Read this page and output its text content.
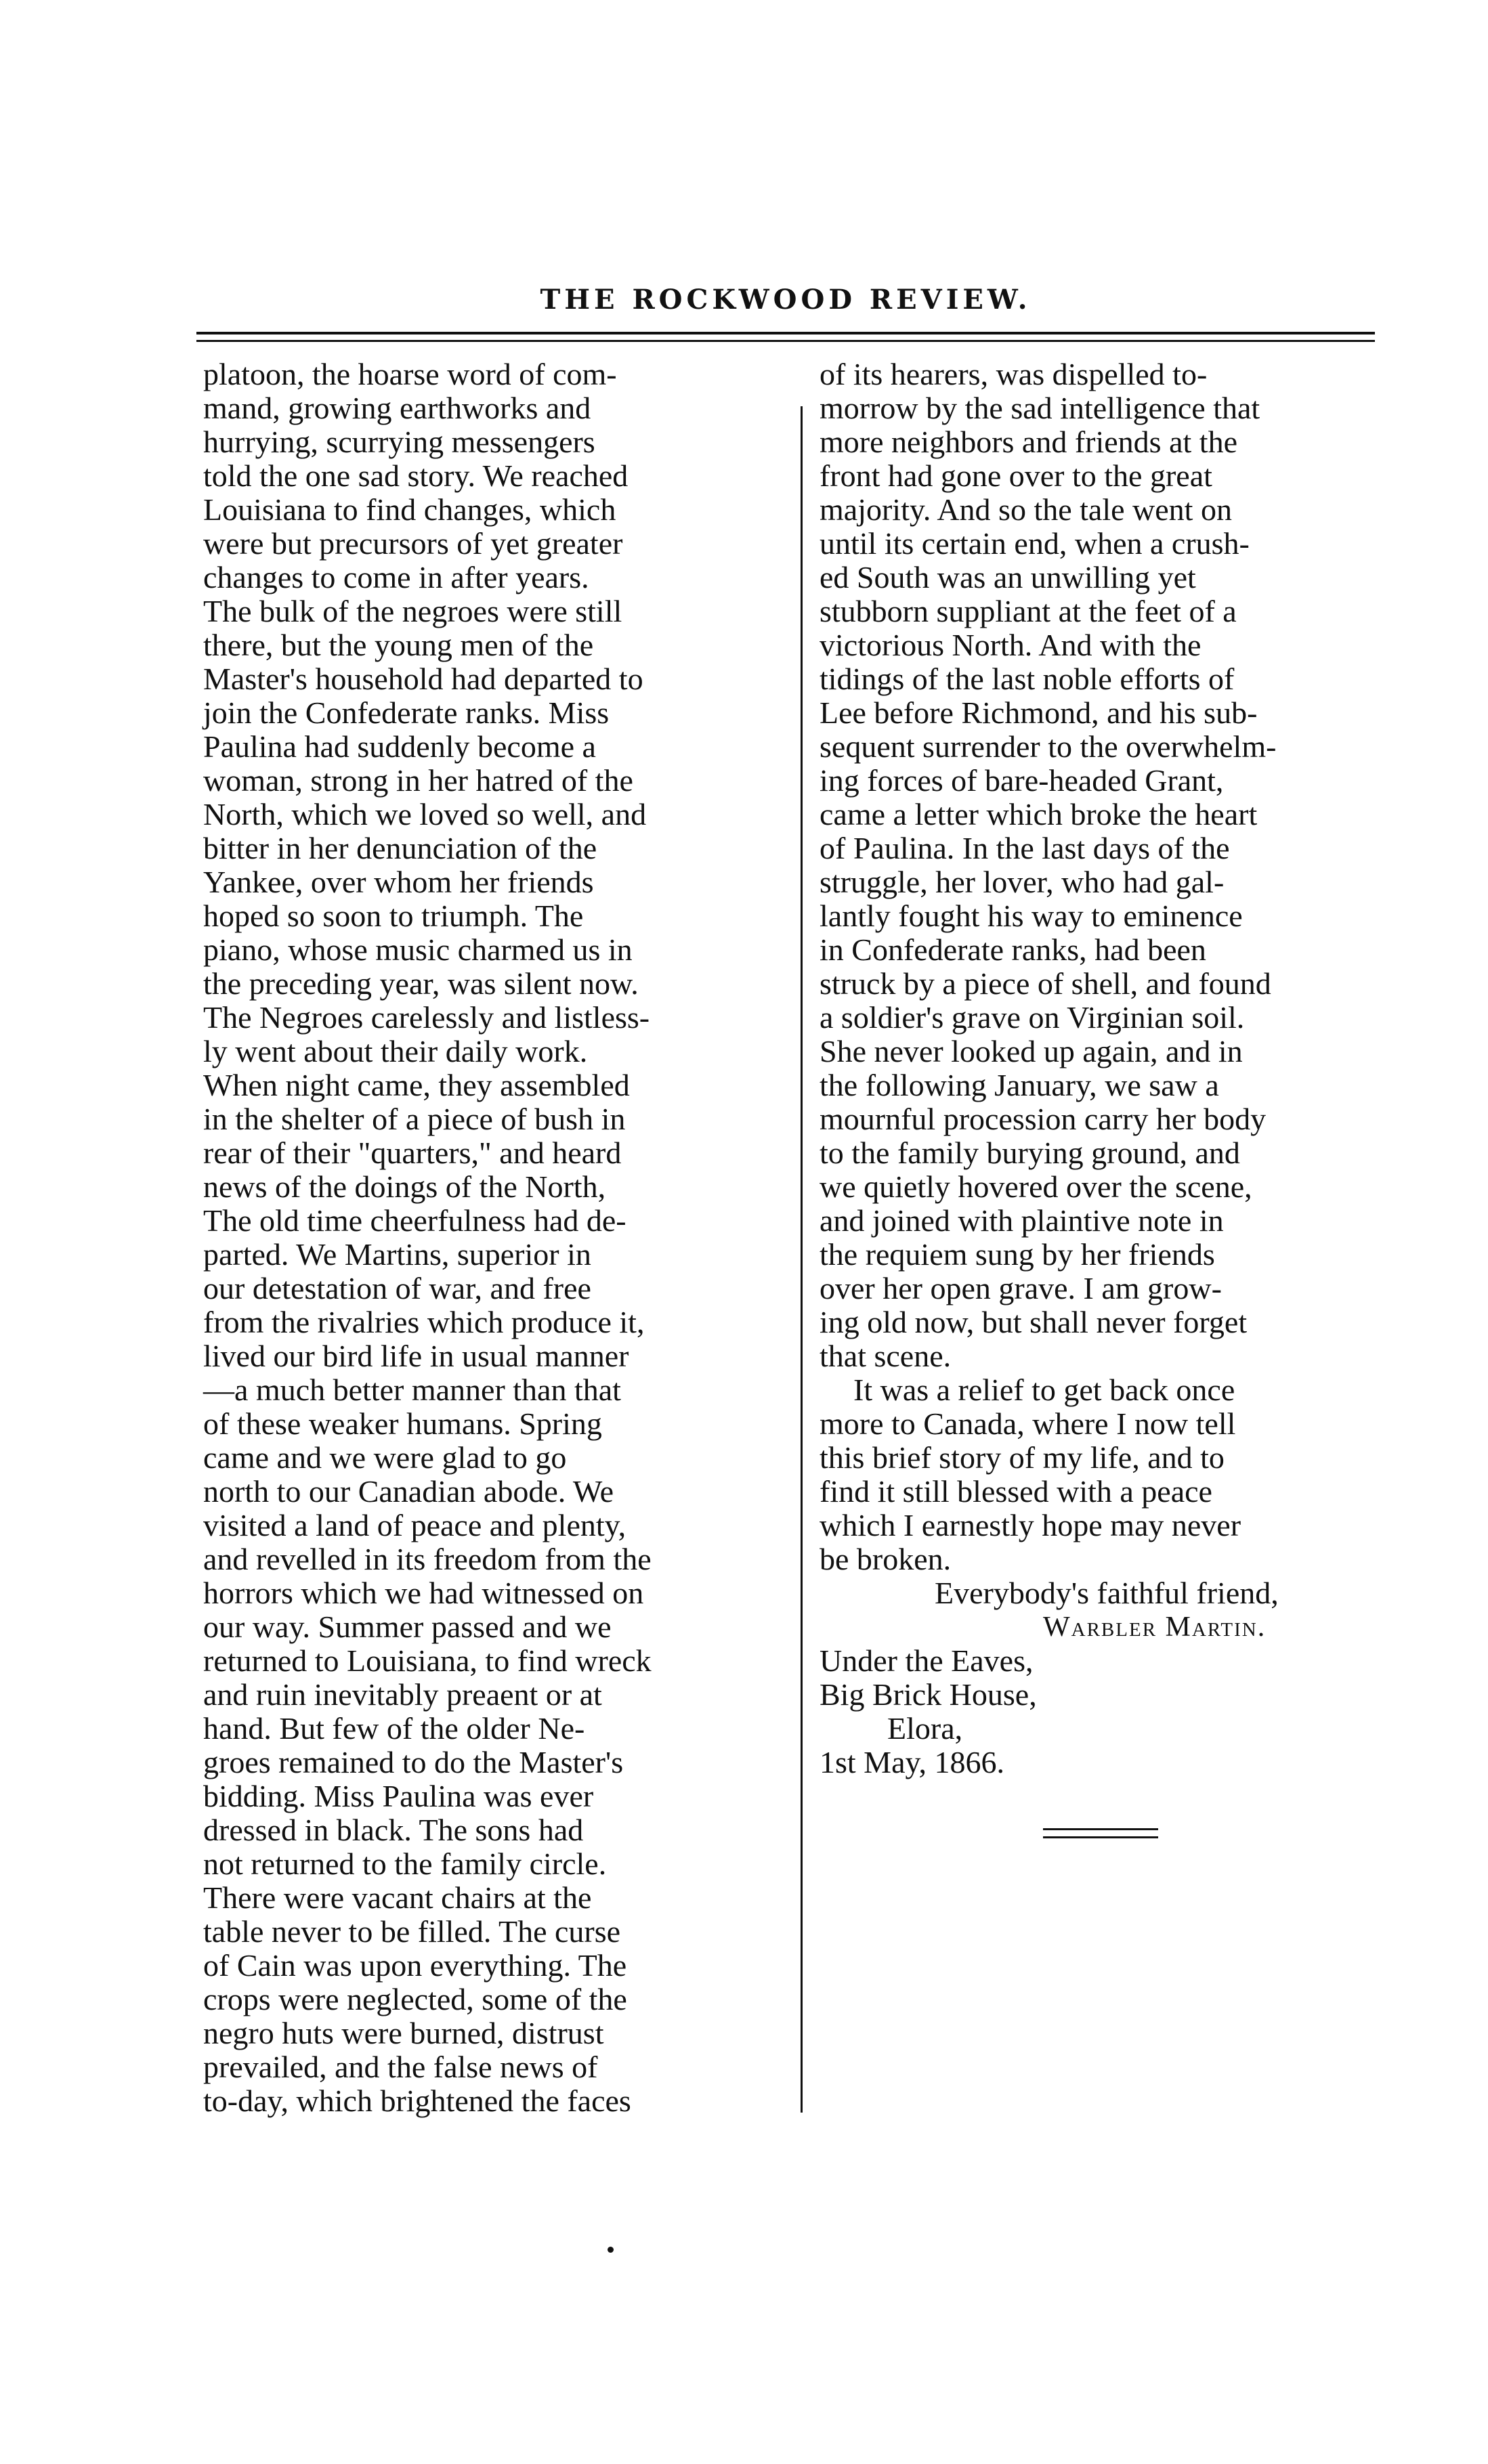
THE ROCKWOOD REVIEW.
platoon, the hoarse word of com-
mand, growing earthworks and
hurrying, scurrying messengers
told the one sad story. We reached
Louisiana to find changes, which
were but precursors of yet greater
changes to come in after years.
The bulk of the negroes were still
there, but the young men of the
Master's household had departed to
join the Confederate ranks. Miss
Paulina had suddenly become a
woman, strong in her hatred of the
North, which we loved so well, and
bitter in her denunciation of the
Yankee, over whom her friends
hoped so soon to triumph. The
piano, whose music charmed us in
the preceding year, was silent now.
The Negroes carelessly and listless-
ly went about their daily work.
When night came, they assembled
in the shelter of a piece of bush in
rear of their "quarters," and heard
news of the doings of the North,
The old time cheerfulness had de-
parted. We Martins, superior in
our detestation of war, and free
from the rivalries which produce it,
lived our bird life in usual manner
—a much better manner than that
of these weaker humans. Spring
came and we were glad to go
north to our Canadian abode. We
visited a land of peace and plenty,
and revelled in its freedom from the
horrors which we had witnessed on
our way. Summer passed and we
returned to Louisiana, to find wreck
and ruin inevitably preaent or at
hand. But few of the older Ne-
groes remained to do the Master's
bidding. Miss Paulina was ever
dressed in black. The sons had
not returned to the family circle.
There were vacant chairs at the
table never to be filled. The curse
of Cain was upon everything. The
crops were neglected, some of the
negro huts were burned, distrust
prevailed, and the false news of
to-day, which brightened the faces
of its hearers, was dispelled to-
morrow by the sad intelligence that
more neighbors and friends at the
front had gone over to the great
majority. And so the tale went on
until its certain end, when a crush-
ed South was an unwilling yet
stubborn suppliant at the feet of a
victorious North. And with the
tidings of the last noble efforts of
Lee before Richmond, and his sub-
sequent surrender to the overwhelm-
ing forces of bare-headed Grant,
came a letter which broke the heart
of Paulina. In the last days of the
struggle, her lover, who had gal-
lantly fought his way to eminence
in Confederate ranks, had been
struck by a piece of shell, and found
a soldier's grave on Virginian soil.
She never looked up again, and in
the following January, we saw a
mournful procession carry her body
to the family burying ground, and
we quietly hovered over the scene,
and joined with plaintive note in
the requiem sung by her friends
over her open grave. I am grow-
ing old now, but shall never forget
that scene.
It was a relief to get back once
more to Canada, where I now tell
this brief story of my life, and to
find it still blessed with a peace
which I earnestly hope may never
be broken.
Everybody's faithful friend,
Warbler Martin.
Under the Eaves,
Big Brick House,
Elora,
1st May, 1866.
